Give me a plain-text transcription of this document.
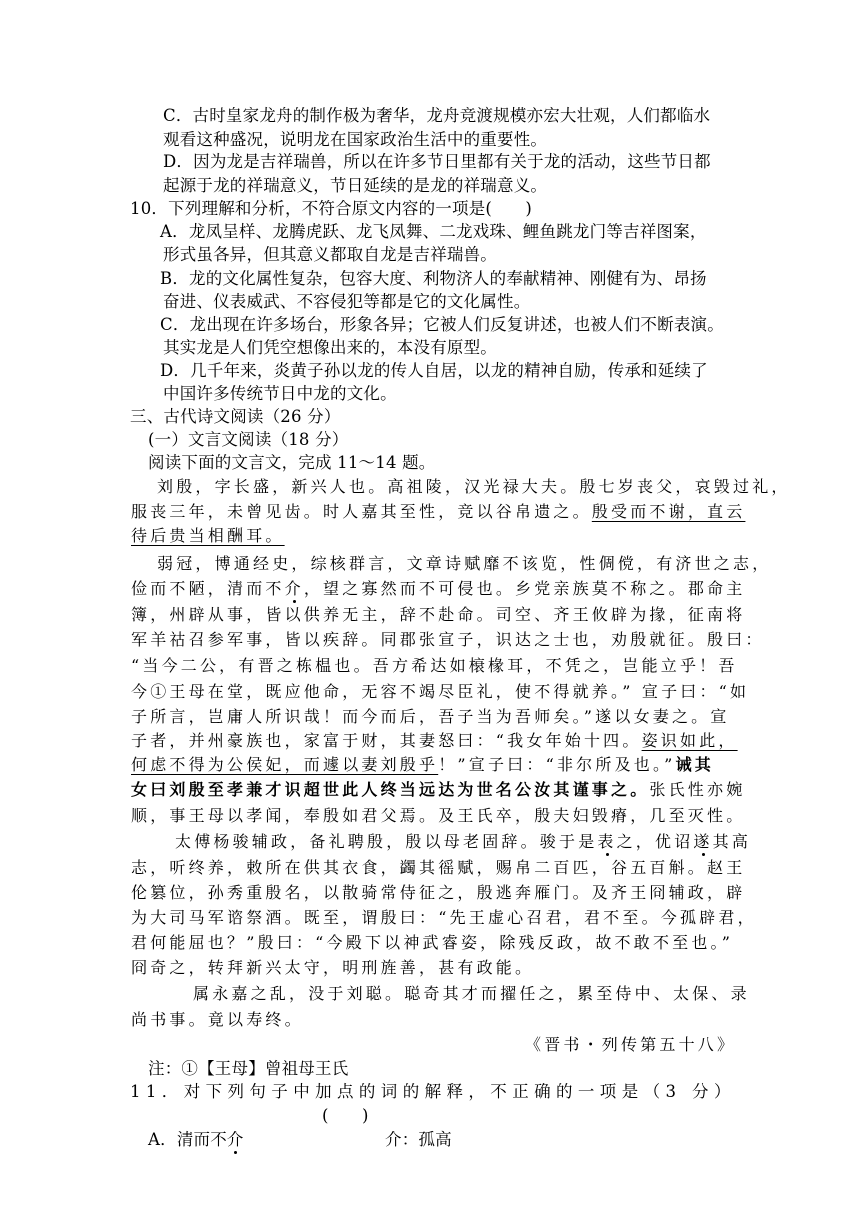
C．古时皇家龙舟的制作极为奢华，龙舟竞渡规模亦宏大壮观，人们都临水
观看这种盛况，说明龙在国家政治生活中的重要性。
D．因为龙是吉祥瑞兽，所以在许多节日里都有关于龙的活动，这些节日都
起源于龙的祥瑞意义，节日延续的是龙的祥瑞意义。
10．下列理解和分析，不符合原文内容的一项是(　　)
A．龙凤呈样、龙腾虎跃、龙飞凤舞、二龙戏珠、鲤鱼跳龙门等吉祥图案，
形式虽各异，但其意义都取自龙是吉祥瑞兽。
B．龙的文化属性复杂，包容大度、利物济人的奉献精神、刚健有为、昂扬
奋进、仪表威武、不容侵犯等都是它的文化属性。
C．龙出现在许多场台，形象各异；它被人们反复讲述，也被人们不断表演。
其实龙是人们凭空想像出来的，本没有原型。
D．几千年来，炎黄子孙以龙的传人自居，以龙的精神自励，传承和延续了
中国许多传统节日中龙的文化。
三、古代诗文阅读（26 分）
(一）文言文阅读（18 分）
阅读下面的文言文，完成 11～14 题。
刘殷，字长盛，新兴人也。高祖陵，汉光禄大夫。殷七岁丧父，哀毁过礼，
服丧三年，未曾见齿。时人嘉其至性，竞以谷帛遗之。殷受而不谢，直云
待后贵当相酬耳。
弱冠，博通经史，综核群言，文章诗赋靡不该览，性倜傥，有济世之志，
俭而不陋，清而不介，望之寡然而不可侵也。乡党亲族莫不称之。郡命主
簿，州辟从事，皆以供养无主，辞不赴命。司空、齐王攸辟为掾，征南将
军羊祜召参军事，皆以疾辞。同郡张宣子，识达之士也，劝殷就征。殷曰：
“当今二公，有晋之栋榅也。吾方希达如榱椽耳，不凭之，岂能立乎！吾
今①王母在堂，既应他命，无容不竭尽臣礼，使不得就养。” 宣子曰：“如
子所言，岂庸人所识哉！而今而后，吾子当为吾师矣。”遂以女妻之。宣
子者，并州豪族也，家富于财，其妻怒曰：“我女年始十四。姿识如此，
何虑不得为公侯妃，而遽以妻刘殷乎！”宣子曰：“非尔所及也。”诫其
女曰刘殷至孝兼才识超世此人终当远达为世名公汝其谨事之。张氏性亦婉
顺，事王母以孝闻，奉殷如君父焉。及王氏卒，殷夫妇毁瘠，几至灭性。
太傅杨骏辅政，备礼聘殷，殷以母老固辞。骏于是表之，优诏遂其高
志，听终养，敕所在供其衣食，蠲其徭赋，赐帛二百匹，谷五百斛。赵王
伦篡位，孙秀重殷名，以散骑常侍征之，殷逃奔雁门。及齐王冏辅政，辟
为大司马军谘祭酒。既至，谓殷曰：“先王虚心召君，君不至。今孤辟君，
君何能屈也？”殷曰：“今殿下以神武睿姿，除残反政，故不敢不至也。”
冏奇之，转拜新兴太守，明刑旌善，甚有政能。
属永嘉之乱，没于刘聪。聪奇其才而擢任之，累至侍中、太保、录
尚书事。竟以寿终。
《晋书・列传第五十八》
注：①【王母】曾祖母王氏
11．对下列句子中加点的词的解释，不正确的一项是（3 分）
(　　)
A．清而不介	介：孤高
